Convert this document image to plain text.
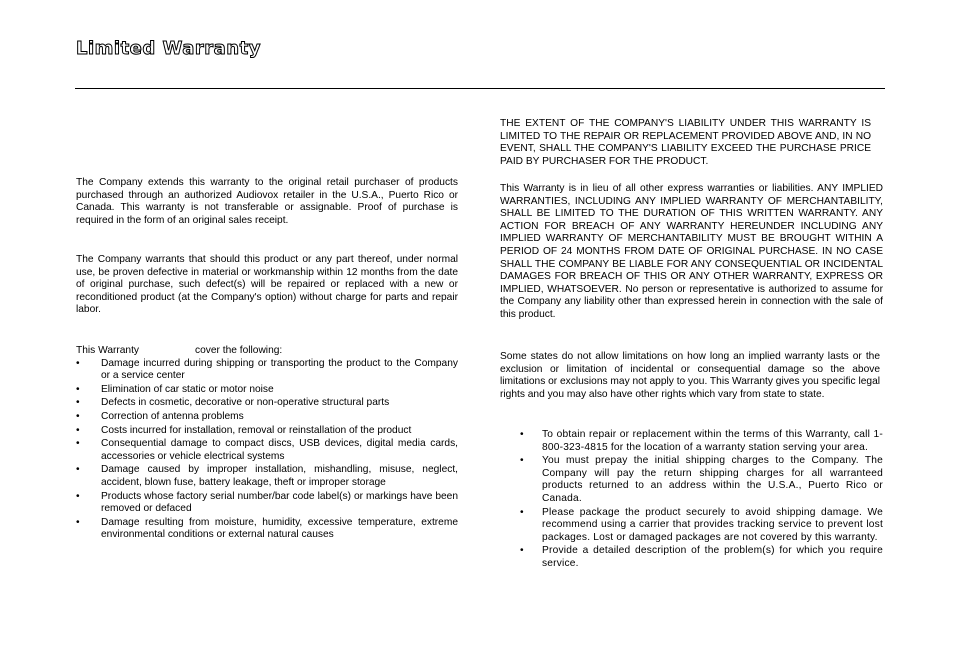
Limited Warranty

The Company extends this warranty to the original retail purchaser of products purchased through an authorized Audiovox retailer in the U.S.A., Puerto Rico or Canada. This warranty is not transferable or assignable. Proof of purchase is required in the form of an original sales receipt.

The Company warrants that should this product or any part thereof, under normal use, be proven defective in material or workmanship within 12 months from the date of original purchase, such defect(s) will be repaired or replaced with a new or reconditioned product (at the Company's option) without charge for parts and repair labor.

This Warranty	cover the following:
• Damage incurred during shipping or transporting the product to the Company or a service center
• Elimination of car static or motor noise
• Defects in cosmetic, decorative or non-operative structural parts
• Correction of antenna problems
• Costs incurred for installation, removal or reinstallation of the product
• Consequential damage to compact discs, USB devices, digital media cards, accessories or vehicle electrical systems
• Damage caused by improper installation, mishandling, misuse, neglect, accident, blown fuse, battery leakage, theft or improper storage
• Products whose factory serial number/bar code label(s) or markings have been removed or defaced
• Damage resulting from moisture, humidity, excessive temperature, extreme environmental conditions or external natural causes

THE EXTENT OF THE COMPANY'S LIABILITY UNDER THIS WARRANTY IS LIMITED TO THE REPAIR OR REPLACEMENT PROVIDED ABOVE AND, IN NO EVENT, SHALL THE COMPANY'S LIABILITY EXCEED THE PURCHASE PRICE PAID BY PURCHASER FOR THE PRODUCT.

This Warranty is in lieu of all other express warranties or liabilities. ANY IMPLIED WARRANTIES, INCLUDING ANY IMPLIED WARRANTY OF MERCHANTABILITY, SHALL BE LIMITED TO THE DURATION OF THIS WRITTEN WARRANTY. ANY ACTION FOR BREACH OF ANY WARRANTY HEREUNDER INCLUDING ANY IMPLIED WARRANTY OF MERCHANTABILITY MUST BE BROUGHT WITHIN A PERIOD OF 24 MONTHS FROM DATE OF ORIGINAL PURCHASE. IN NO CASE SHALL THE COMPANY BE LIABLE FOR ANY CONSEQUENTIAL OR INCIDENTAL DAMAGES FOR BREACH OF THIS OR ANY OTHER WARRANTY, EXPRESS OR IMPLIED, WHATSOEVER. No person or representative is authorized to assume for the Company any liability other than expressed herein in connection with the sale of this product.

Some states do not allow limitations on how long an implied warranty lasts or the exclusion or limitation of incidental or consequential damage so the above limitations or exclusions may not apply to you. This Warranty gives you specific legal rights and you may also have other rights which vary from state to state.

• To obtain repair or replacement within the terms of this Warranty, call 1-800-323-4815 for the location of a warranty station serving your area.
• You must prepay the initial shipping charges to the Company. The Company will pay the return shipping charges for all warranteed products returned to an address within the U.S.A., Puerto Rico or Canada.
• Please package the product securely to avoid shipping damage. We recommend using a carrier that provides tracking service to prevent lost packages. Lost or damaged packages are not covered by this warranty.
• Provide a detailed description of the problem(s) for which you require service.
